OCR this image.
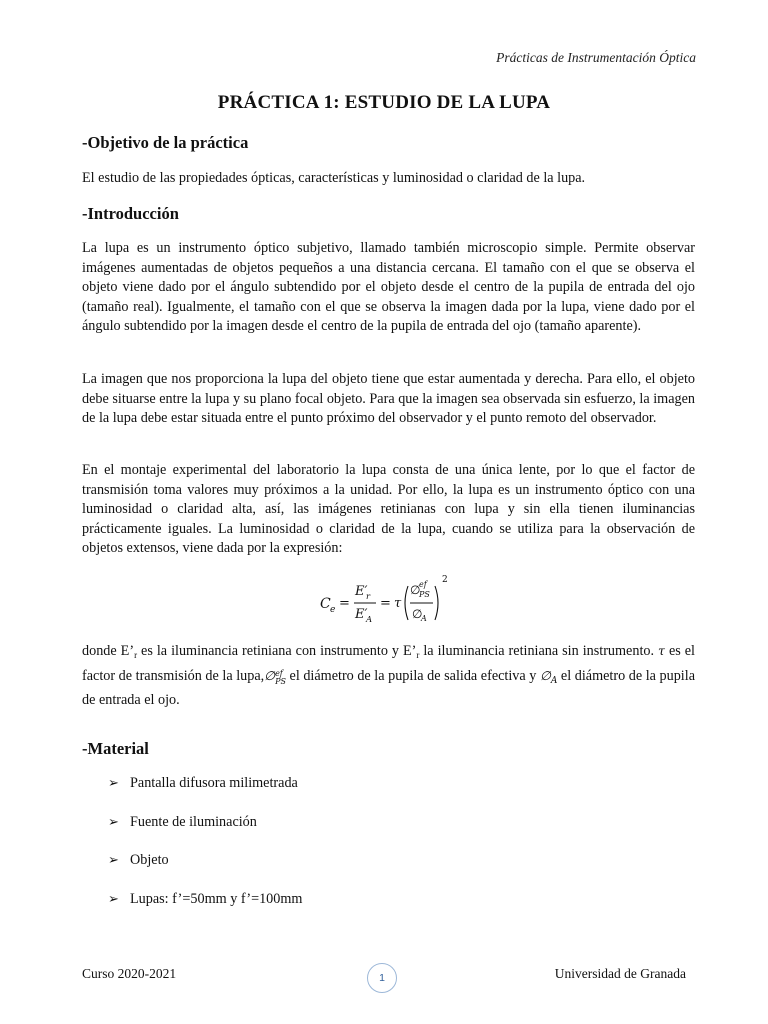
Prácticas de Instrumentación Óptica
PRÁCTICA 1: ESTUDIO DE LA LUPA
-Objetivo de la práctica

El estudio de las propiedades ópticas, características y luminosidad o claridad de la lupa.

-Introducción

La lupa es un instrumento óptico subjetivo, llamado también microscopio simple. Permite observar imágenes aumentadas de objetos pequeños a una distancia cercana. El tamaño con el que se observa el objeto viene dado por el ángulo subtendido por el objeto desde el centro de la pupila de entrada del ojo (tamaño real). Igualmente, el tamaño con el que se observa la imagen dada por la lupa, viene dado por el ángulo subtendido por la imagen desde el centro de la pupila de entrada del ojo (tamaño aparente).

La imagen que nos proporciona la lupa del objeto tiene que estar aumentada y derecha. Para ello, el objeto debe situarse entre la lupa y su plano focal objeto. Para que la imagen sea observada sin esfuerzo, la imagen de la lupa debe estar situada entre el punto próximo del observador y el punto remoto del observador.

En el montaje experimental del laboratorio la lupa consta de una única lente, por lo que el factor de transmisión toma valores muy próximos a la unidad. Por ello, la lupa es un instrumento óptico con una luminosidad o claridad alta, así, las imágenes retinianas con lupa y sin ella tienen iluminancias prácticamente iguales. La luminosidad o claridad de la lupa, cuando se utiliza para la observación de objetos extensos, viene dada por la expresión:

C e =
E′
r
E′
A
= τ
∅
ef
PS
∅
A
2

donde $E’_r$ es la iluminancia retiniana con instrumento y $E’_r$ la iluminancia retiniana sin instrumento. τ es el factor de transmisión de la lupa,∅ ef
PS el diámetro de la pupila de salida efectiva y $\emptyset_A$ el diámetro de la pupila de entrada el ojo.

-Material
➢ Pantalla difusora milimetrada
➢ Fuente de iluminación
➢ Objeto
➢ Lupas: f’=50mm y f’=100mm
Curso 2020-2021	1	Universidad de Granada
